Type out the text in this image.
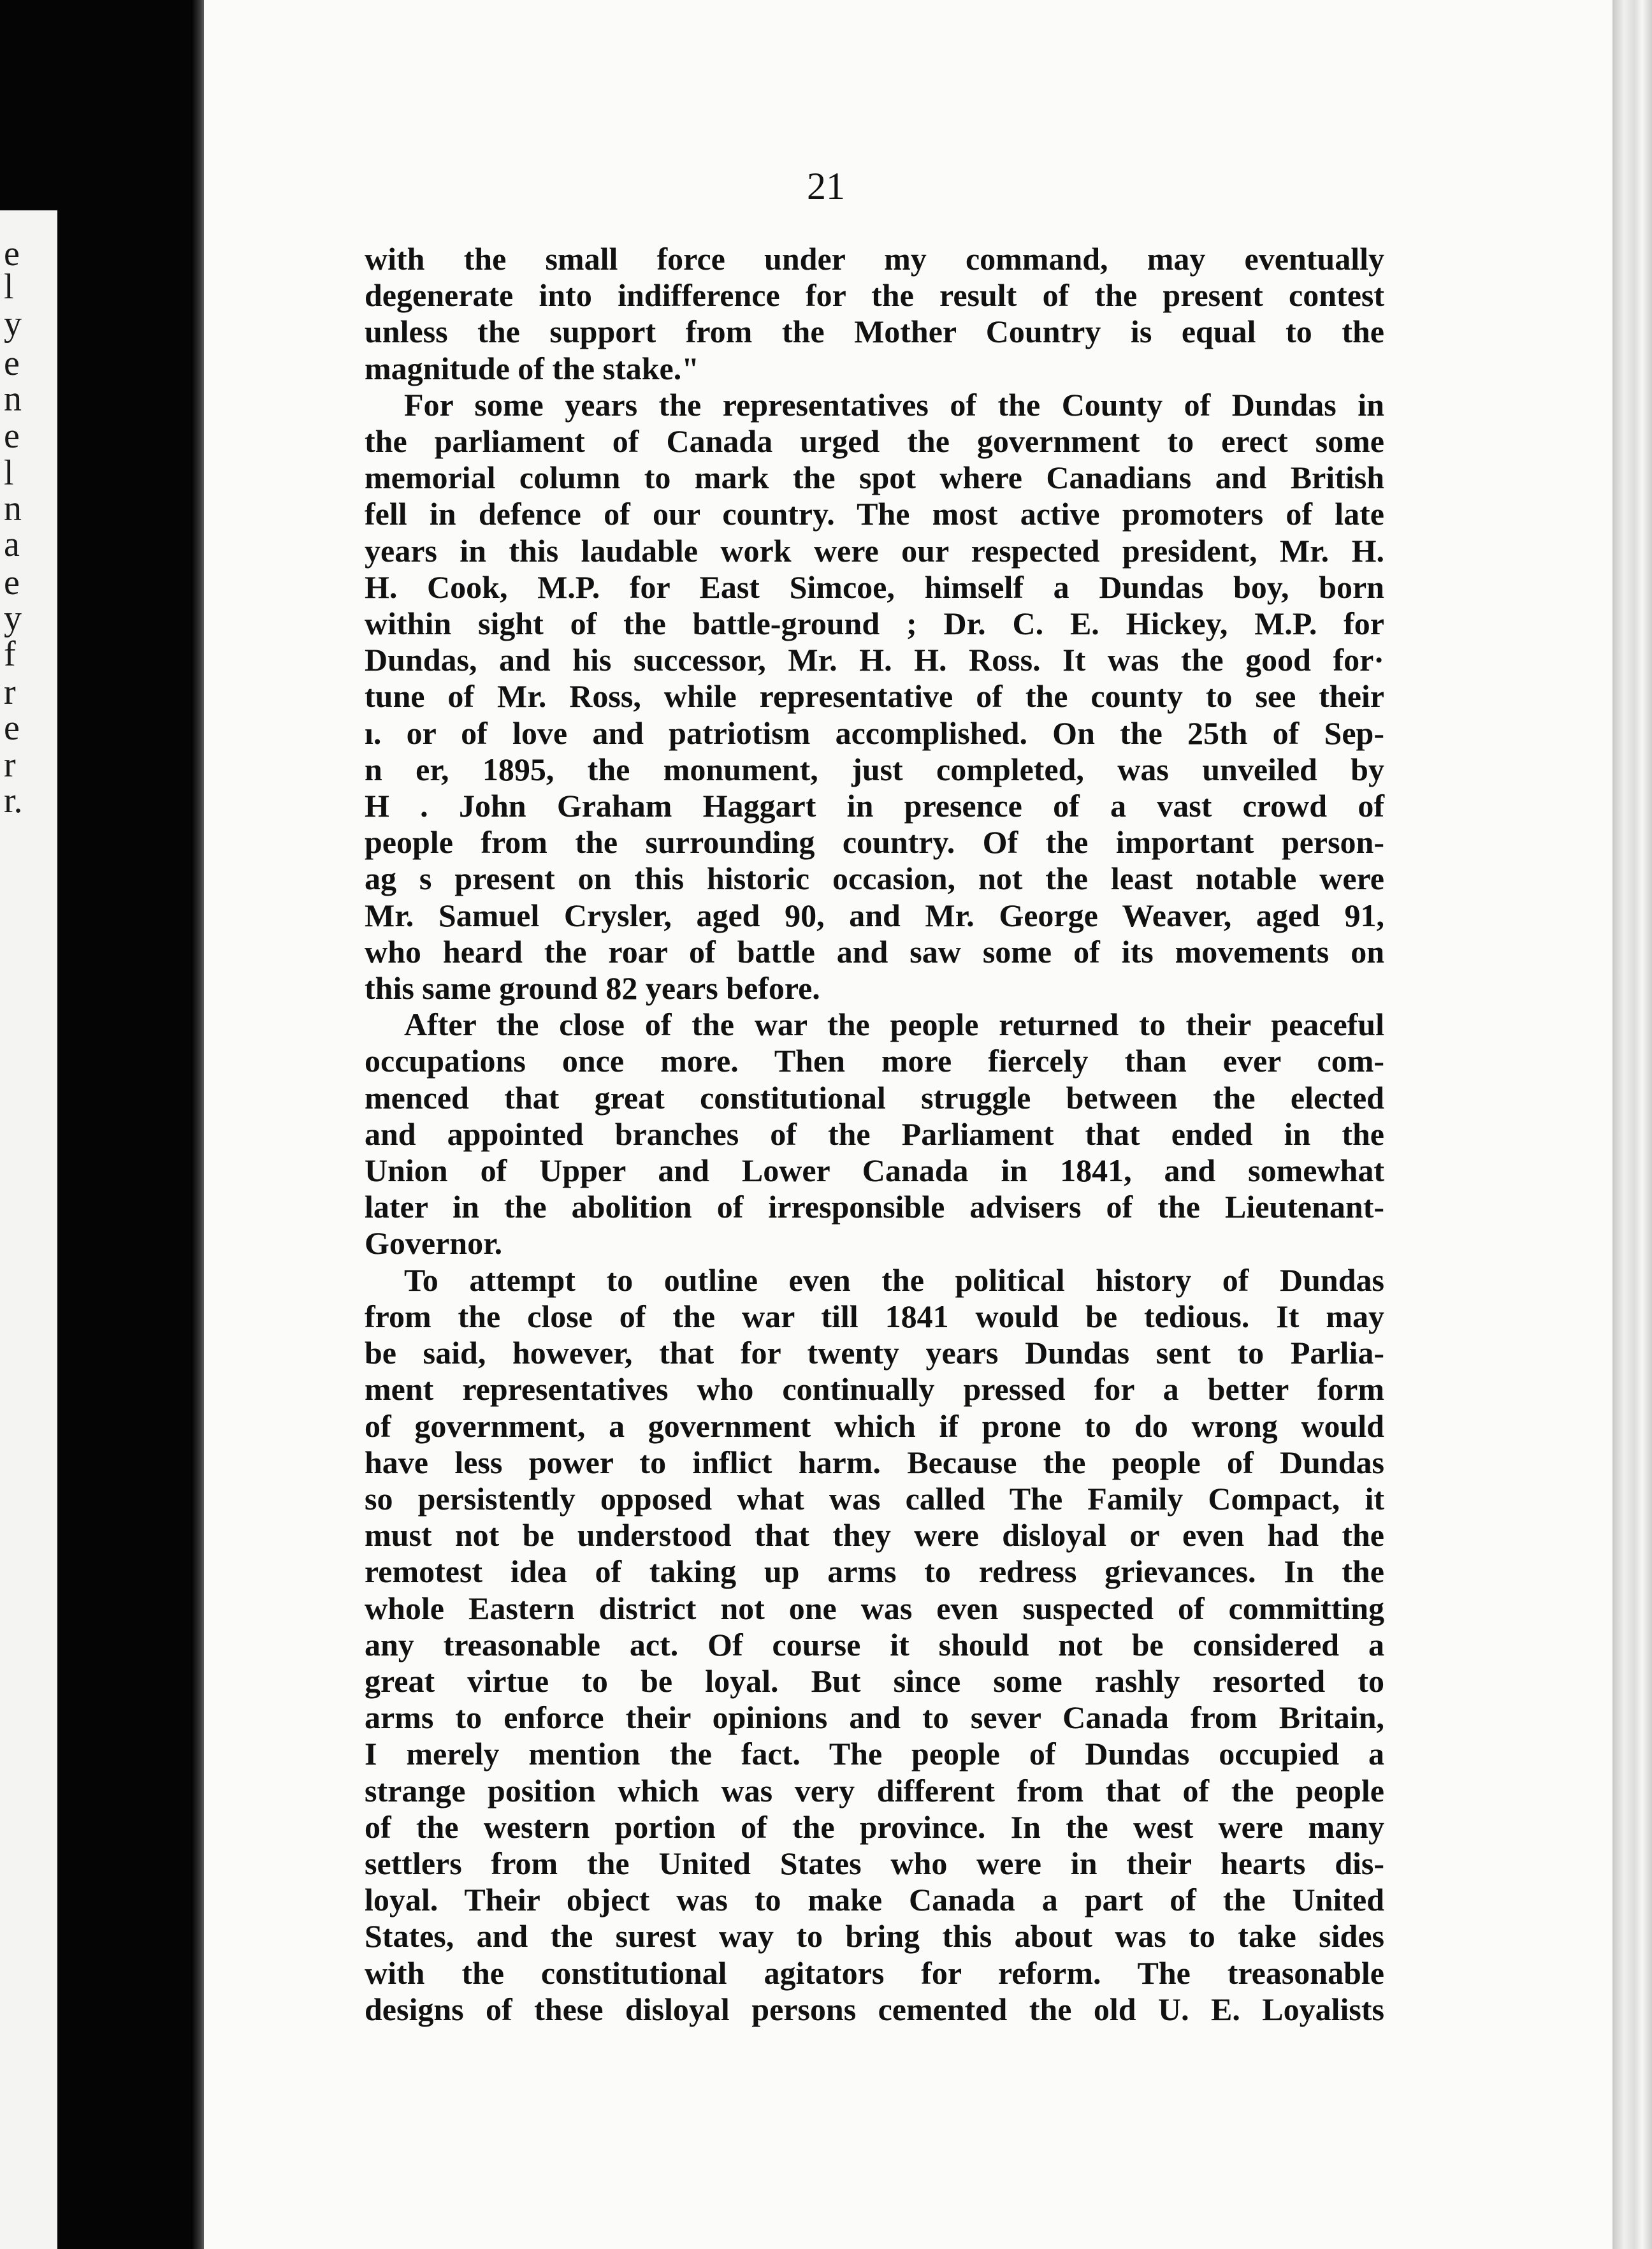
e
l
y
e
n
e
l
n
a
e
y
f
r
e
r
r.
21
with the small force under my command, may eventually
degenerate into indifference for the result of the present contest
unless the support from the Mother Country is equal to the
magnitude of the stake."
For some years the representatives of the County of Dundas in
the parliament of Canada urged the government to erect some
memorial column to mark the spot where Canadians and British
fell in defence of our country. The most active promoters of late
years in this laudable work were our respected president, Mr. H.
H. Cook, M.P. for East Simcoe, himself a Dundas boy, born
within sight of the battle-ground ; Dr. C. E. Hickey, M.P. for
Dundas, and his successor, Mr. H. H. Ross. It was the good for·
tune of Mr. Ross, while representative of the county to see their
ı. or of love and patriotism accomplished. On the 25th of Sep-
n er, 1895, the monument, just completed, was unveiled by
H . John Graham Haggart in presence of a vast crowd of
people from the surrounding country. Of the important person-
ag s present on this historic occasion, not the least notable were
Mr. Samuel Crysler, aged 90, and Mr. George Weaver, aged 91,
who heard the roar of battle and saw some of its movements on
this same ground 82 years before.
After the close of the war the people returned to their peaceful
occupations once more. Then more fiercely than ever com-
menced that great constitutional struggle between the elected
and appointed branches of the Parliament that ended in the
Union of Upper and Lower Canada in 1841, and somewhat
later in the abolition of irresponsible advisers of the Lieutenant-
Governor.
To attempt to outline even the political history of Dundas
from the close of the war till 1841 would be tedious. It may
be said, however, that for twenty years Dundas sent to Parlia-
ment representatives who continually pressed for a better form
of government, a government which if prone to do wrong would
have less power to inflict harm. Because the people of Dundas
so persistently opposed what was called The Family Compact, it
must not be understood that they were disloyal or even had the
remotest idea of taking up arms to redress grievances. In the
whole Eastern district not one was even suspected of committing
any treasonable act. Of course it should not be considered a
great virtue to be loyal. But since some rashly resorted to
arms to enforce their opinions and to sever Canada from Britain,
I merely mention the fact. The people of Dundas occupied a
strange position which was very different from that of the people
of the western portion of the province. In the west were many
settlers from the United States who were in their hearts dis-
loyal. Their object was to make Canada a part of the United
States, and the surest way to bring this about was to take sides
with the constitutional agitators for reform. The treasonable
designs of these disloyal persons cemented the old U. E. Loyalists
